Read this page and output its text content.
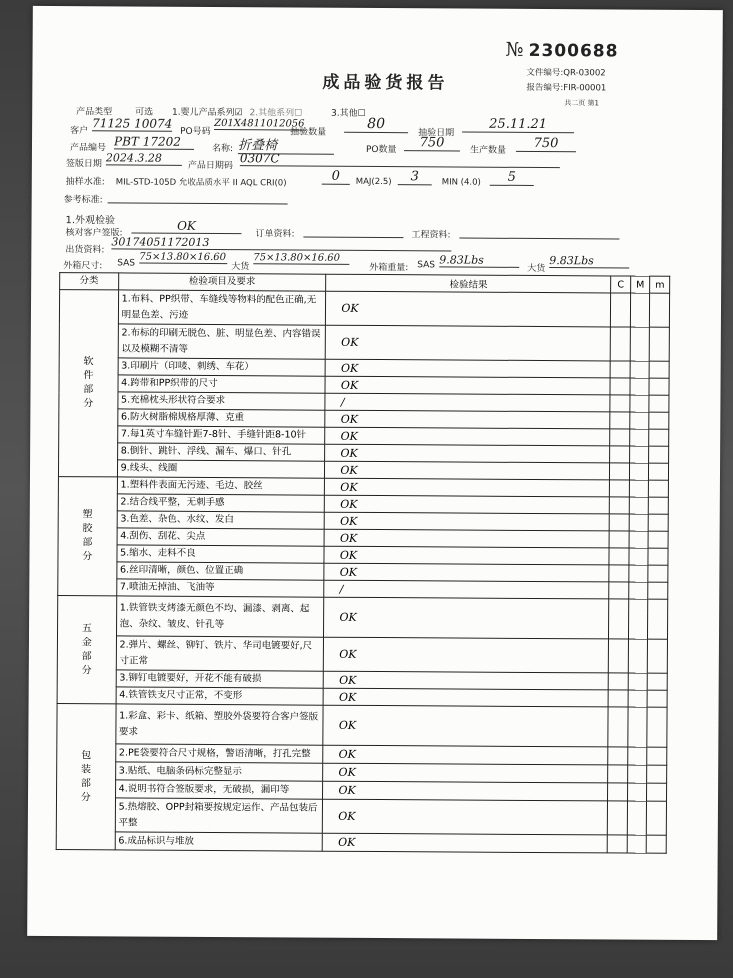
№ 2300688
成品验货报告	文件编号:QR-03002
报告编号:FIR-00001
共二页 第1
产品类型	可选 1.婴儿产品系列☑ 2.其他系列☐	3.其他☐
客户
71125 10074
PO号码
Z01X4811012056
抽验数量
80
抽验日期
25.11.21
产品编号 PBT 17202
名称: 折叠椅	PO数量	750
生产数量	750
签版日期 2024.3.28
产品日期码
0307C
抽样水准: MIL-STD-105D 允收品质水平 II AQL CRI(0)	0	MAJ(2.5)	3	MIN (4.0)	5
参考标准:
1.外观检验
核对客户签版:
OK
订单资料:	工程资料:
出货资料:
30174051172013
外箱尺寸: SAS
75×13.80×16.60
大货
75×13.80×16.60
外箱重量: SAS 9.83Lbs
大货
9.83Lbs
分类	检验项目及要求	检验结果	C	M	m
软件部分	1.布料、PP织带、车缝线等物料的配色正确,无明显色差、污迹	OK			
	2.布标的印刷无脱色、脏、明显色差、内容错误以及模糊不清等	OK			
	3.印刷片（印唛、刺绣、车花）	OK			
	4.跨带和PP织带的尺寸	OK			
	5.充棉枕头形状符合要求	/			
	6.防火树脂棉规格厚薄、克重	OK			
	7.每1英寸车缝针距7-8针、手缝针距8-10针	OK			
	8.倒针、跳针、浮线、漏车、爆口、针孔	OK			
	9.线头、线圈	OK			
塑胶部分	1.塑料件表面无污迹、毛边、胶丝	OK			
	2.结合线平整，无刺手感	OK			
	3.色差、杂色、水纹、发白	OK			
	4.刮伤、刮花、尖点	OK			
	5.缩水、走料不良	OK			
	6.丝印清晰，颜色、位置正确	OK			
	7.喷油无掉油、飞油等	/			
五金部分	1.铁管铁支烤漆无颜色不均、漏漆、剥离、起泡、杂纹、皱皮、针孔等	OK			
	2.弹片、螺丝、铆钉、铁片、华司电镀要好,尺寸正常	OK			
	3.铆钉电镀要好，开花不能有破损	OK			
	4.铁管铁支尺寸正常，不变形	OK			
包装部分	1.彩盒、彩卡、纸箱、塑胶外袋要符合客户签版要求	OK			
	2.PE袋要符合尺寸规格，警语清晰，打孔完整	OK			
	3.贴纸、电脑条码标完整显示	OK			
	4.说明书符合签版要求，无破损，漏印等	OK			
	5.热熔胶、OPP封箱要按规定运作、产品包装后平整	OK			
	6.成品标识与堆放	OK			
